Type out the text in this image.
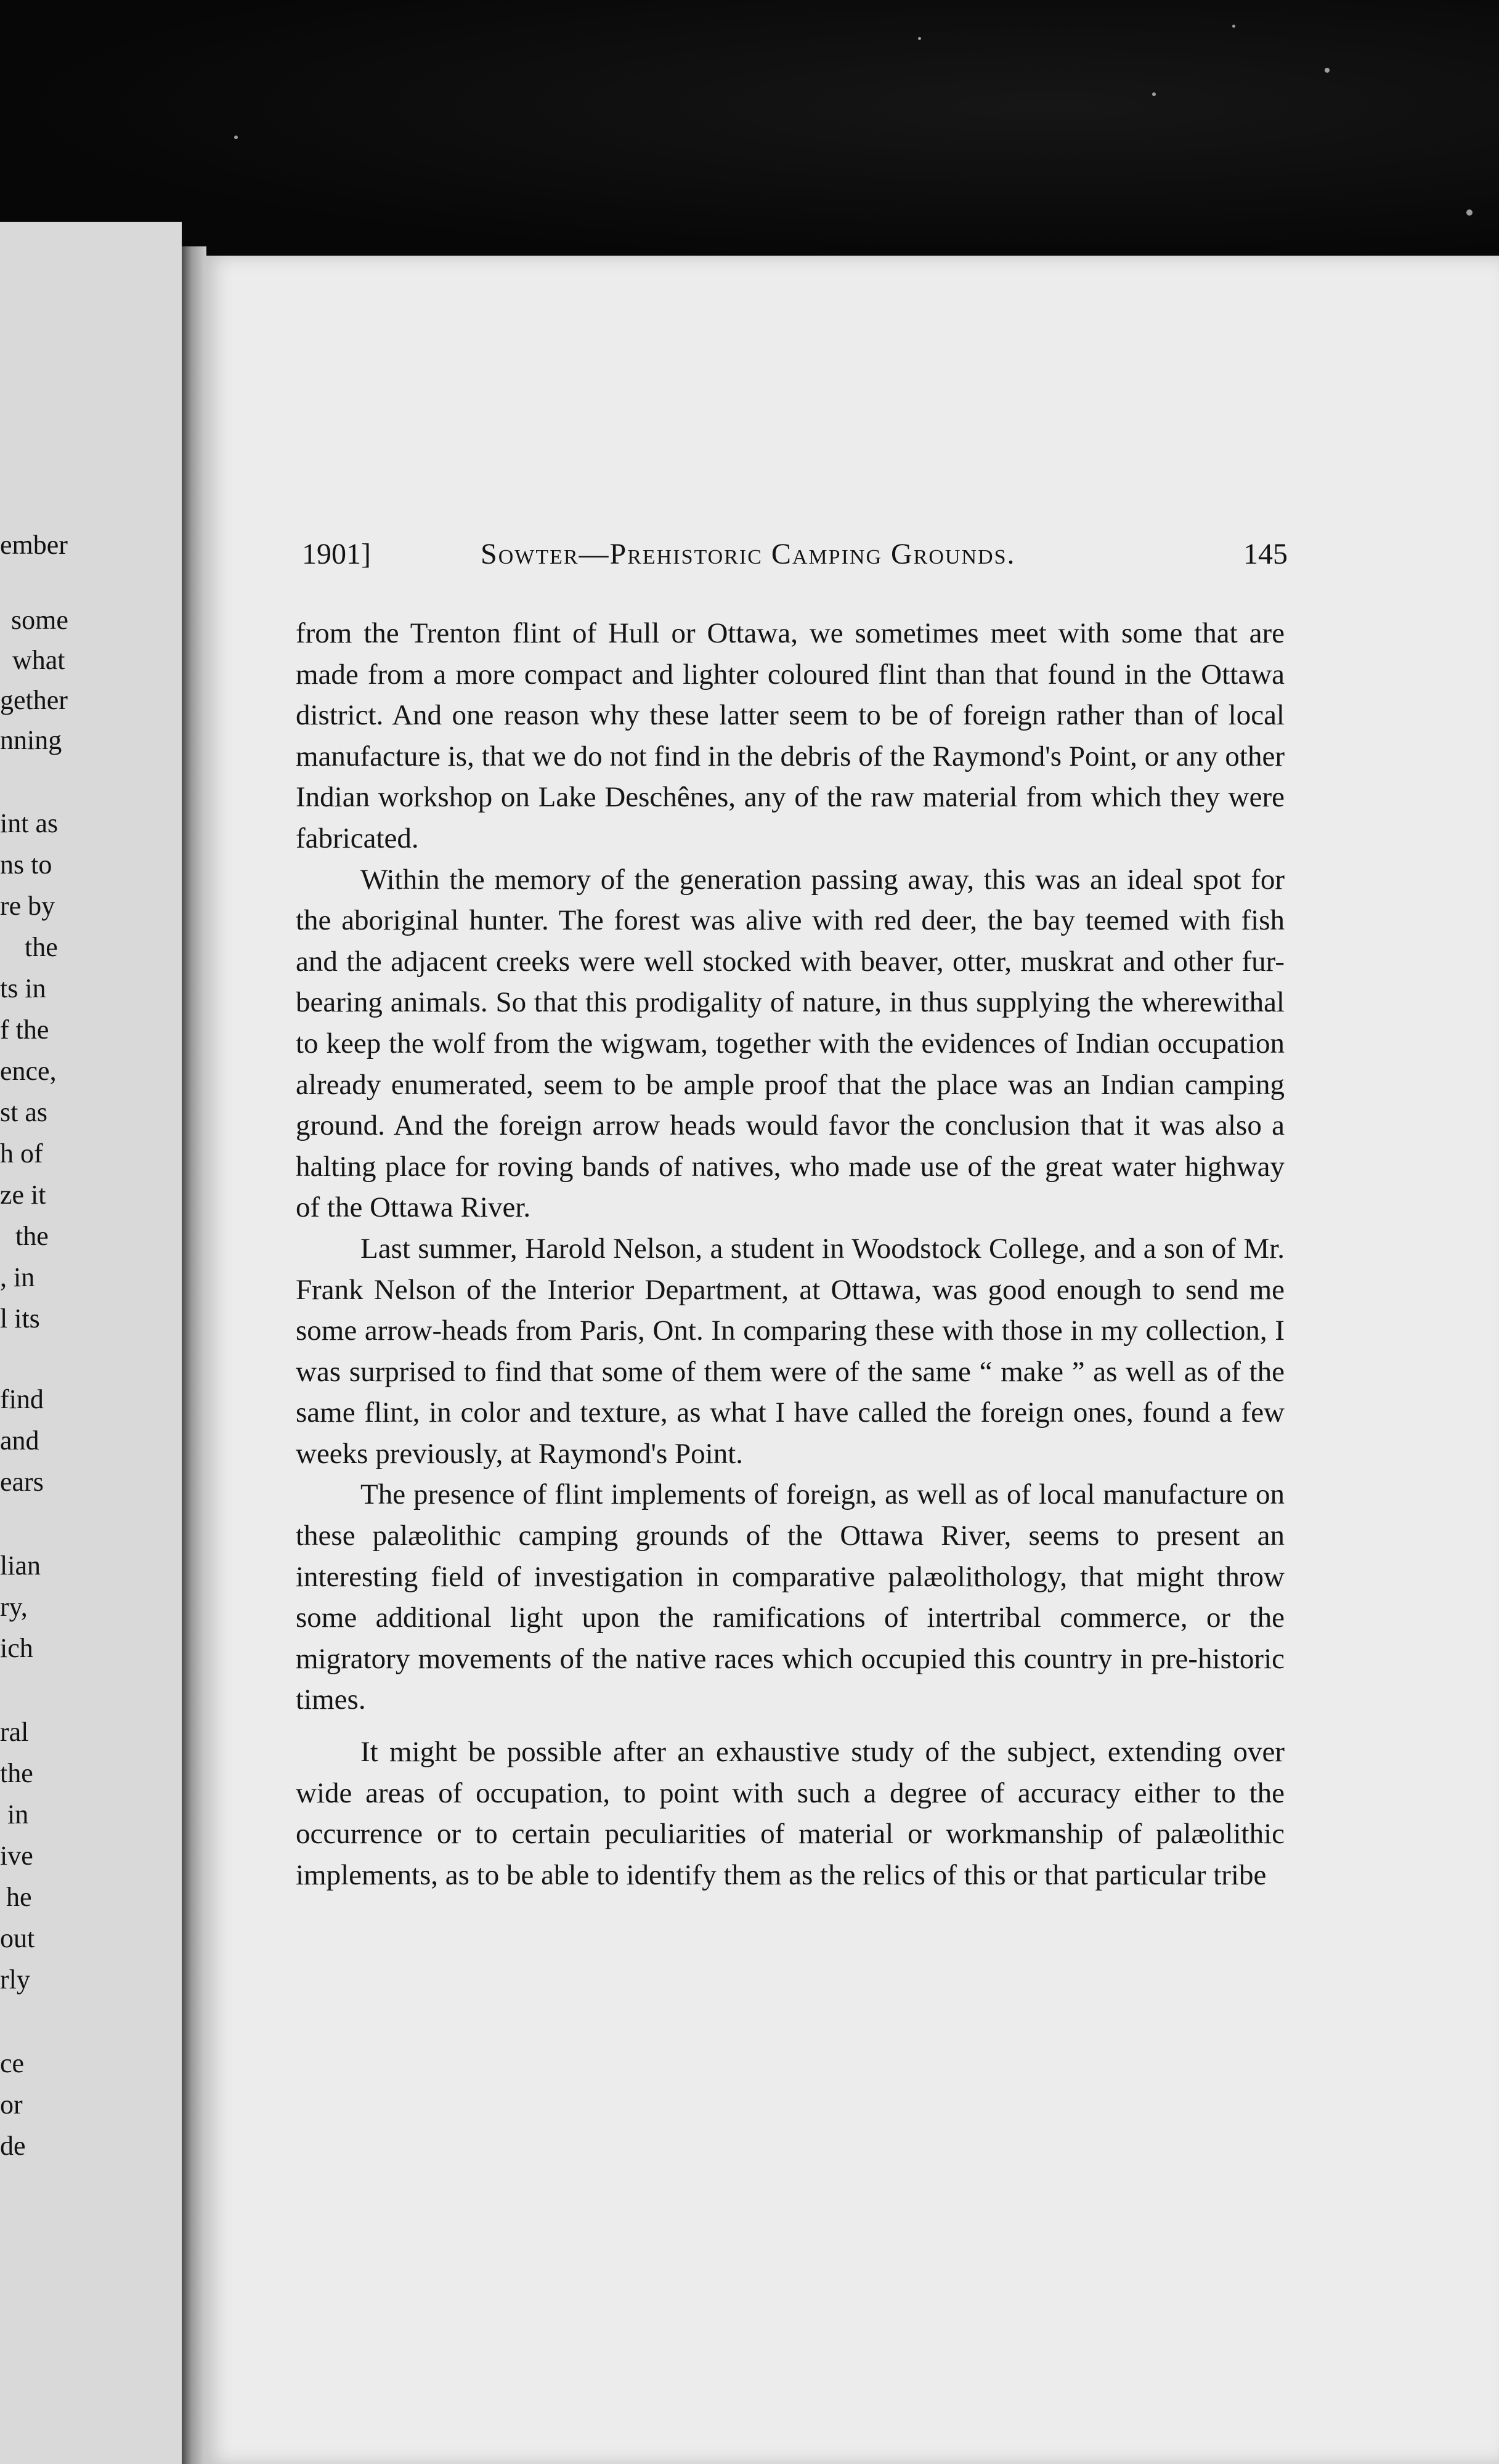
ember
some
what
gether
nning
int as
ns to
re by
the
ts in
f the
ence,
st as
h of
ze it
the
, in
l its
find
and
ears
lian
ry,
ich
ral
the
in
ive
he
out
rly
ce
or
de
1901]	Sowter—Prehistoric Camping Grounds.	145

from the Trenton flint of Hull or Ottawa, we sometimes meet with some that are made from a more compact and lighter coloured flint than that found in the Ottawa district. And one reason why these latter seem to be of foreign rather than of local manufacture is, that we do not find in the debris of the Raymond's Point, or any other Indian workshop on Lake Deschênes, any of the raw material from which they were fabricated.

Within the memory of the generation passing away, this was an ideal spot for the aboriginal hunter. The forest was alive with red deer, the bay teemed with fish and the adjacent creeks were well stocked with beaver, otter, muskrat and other fur-bearing animals. So that this prodigality of nature, in thus supplying the wherewithal to keep the wolf from the wigwam, together with the evidences of Indian occupation already enumerated, seem to be ample proof that the place was an Indian camping ground. And the foreign arrow heads would favor the conclusion that it was also a halting place for roving bands of natives, who made use of the great water highway of the Ottawa River.

Last summer, Harold Nelson, a student in Woodstock College, and a son of Mr. Frank Nelson of the Interior Department, at Ottawa, was good enough to send me some arrow-heads from Paris, Ont. In comparing these with those in my collection, I was surprised to find that some of them were of the same “ make ” as well as of the same flint, in color and texture, as what I have called the foreign ones, found a few weeks previously, at Raymond's Point.

The presence of flint implements of foreign, as well as of local manufacture on these palæolithic camping grounds of the Ottawa River, seems to present an interesting field of investigation in comparative palæolithology, that might throw some additional light upon the ramifications of intertribal commerce, or the migratory movements of the native races which occupied this country in pre-historic times.

It might be possible after an exhaustive study of the subject, extending over wide areas of occupation, to point with such a degree of accuracy either to the occurrence or to certain peculiarities of material or workmanship of palæolithic implements, as to be able to identify them as the relics of this or that particular tribe
